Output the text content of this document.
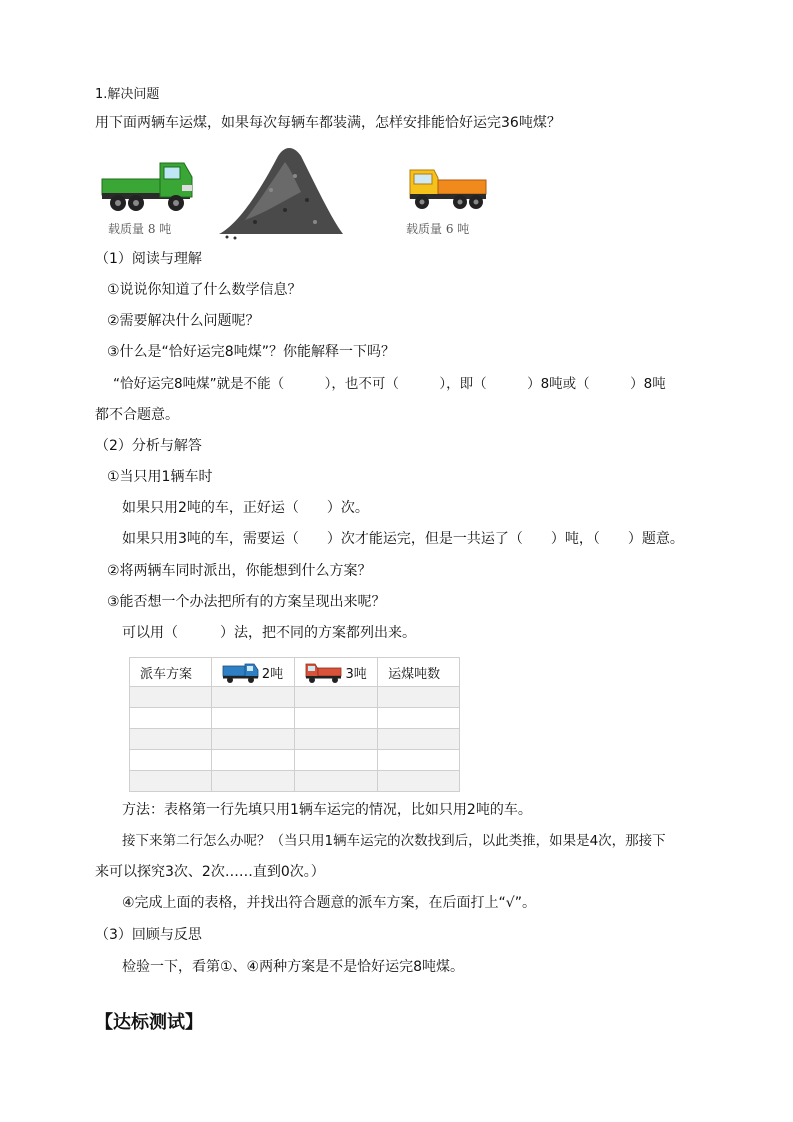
1.解决问题
用下面两辆车运煤，如果每次每辆车都装满，怎样安排能恰好运完36吨煤？
载质量 8 吨	载质量 6 吨
（1）阅读与理解
①说说你知道了什么数学信息？
②需要解决什么问题呢？
③什么是“恰好运完8吨煤”？你能解释一下吗？
“恰好运完8吨煤”就是不能（　　　），也不可（　　　），即（　　　）8吨或（　　　）8吨
都不合题意。
（2）分析与解答
①当只用1辆车时
如果只用2吨的车，正好运（　　）次。
如果只用3吨的车，需要运（　　）次才能运完，但是一共运了（　　）吨，（　　）题意。
②将两辆车同时派出，你能想到什么方案？
③能否想一个办法把所有的方案呈现出来呢？
可以用（　　　）法，把不同的方案都列出来。
派车方案	2吨	3吨	运煤吨数

方法：表格第一行先填只用1辆车运完的情况，比如只用2吨的车。
接下来第二行怎么办呢？（当只用1辆车运完的次数找到后，以此类推，如果是4次，那接下
来可以探究3次、2次……直到0次。）
④完成上面的表格，并找出符合题意的派车方案，在后面打上“√”。
（3）回顾与反思
检验一下，看第①、④两种方案是不是恰好运完8吨煤。
【达标测试】
